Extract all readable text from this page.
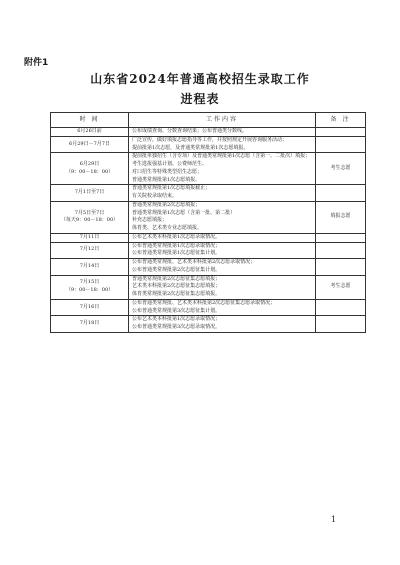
附件1
山东省2024年普通高校招生录取工作
进程表
时 间	工作内容	备 注

6月26日前	公布成绩查询、分数查询结果；公布普通类分数线。	

6月29日－7月7日	广泛宣传，做好填报志愿指导等工作，并按照规定开展咨询服务活动；
提前批第1次志愿，及普通类常规批第1次志愿填报。	

6月29日
（9：00－18：00）	提前批单独招生（含专项）及普通类常规批第1次志愿（含第一、二批次）填报；
考生选报强基计划、公费师范生、
对口招生等特殊类型招生志愿；
普通类常规批第1次志愿填报。	考生志愿

7月1日至7日	普通类常规批第1次志愿填报截止；
有关院校录取结束。	

7月5日至7日
（每天9：00－18：00）	普通类常规批第2次志愿填报；
普通类常规批第1次志愿（含第一批、第二批）
补充志愿填报；
体育类、艺术类专业志愿填报。	填报志愿

7月11日	公布艺术类本科批第1次志愿录取情况。	

7月12日	公布普通类常规批第1次志愿录取情况；
公布普通类常规批第1次志愿征集计划。	

7月14日	公布普通类常规批、艺术类本科批第2次志愿录取情况；
公布普通类常规批第2次志愿征集计划。	

7月15日
（9：00－18：00）	普通类常规批第2次志愿征集志愿填报；
艺术类本科批第2次志愿征集志愿填报；
体育类常规批第2次志愿征集志愿填报。	考生志愿

7月16日	公布普通类常规批、艺术类本科批第2次志愿征集志愿录取情况；
公布普通类常规批第3次志愿征集计划。	

7月18日	公布艺术类本科批第1次志愿录取情况；
公布普通类常规批第3次志愿录取情况。	

1
